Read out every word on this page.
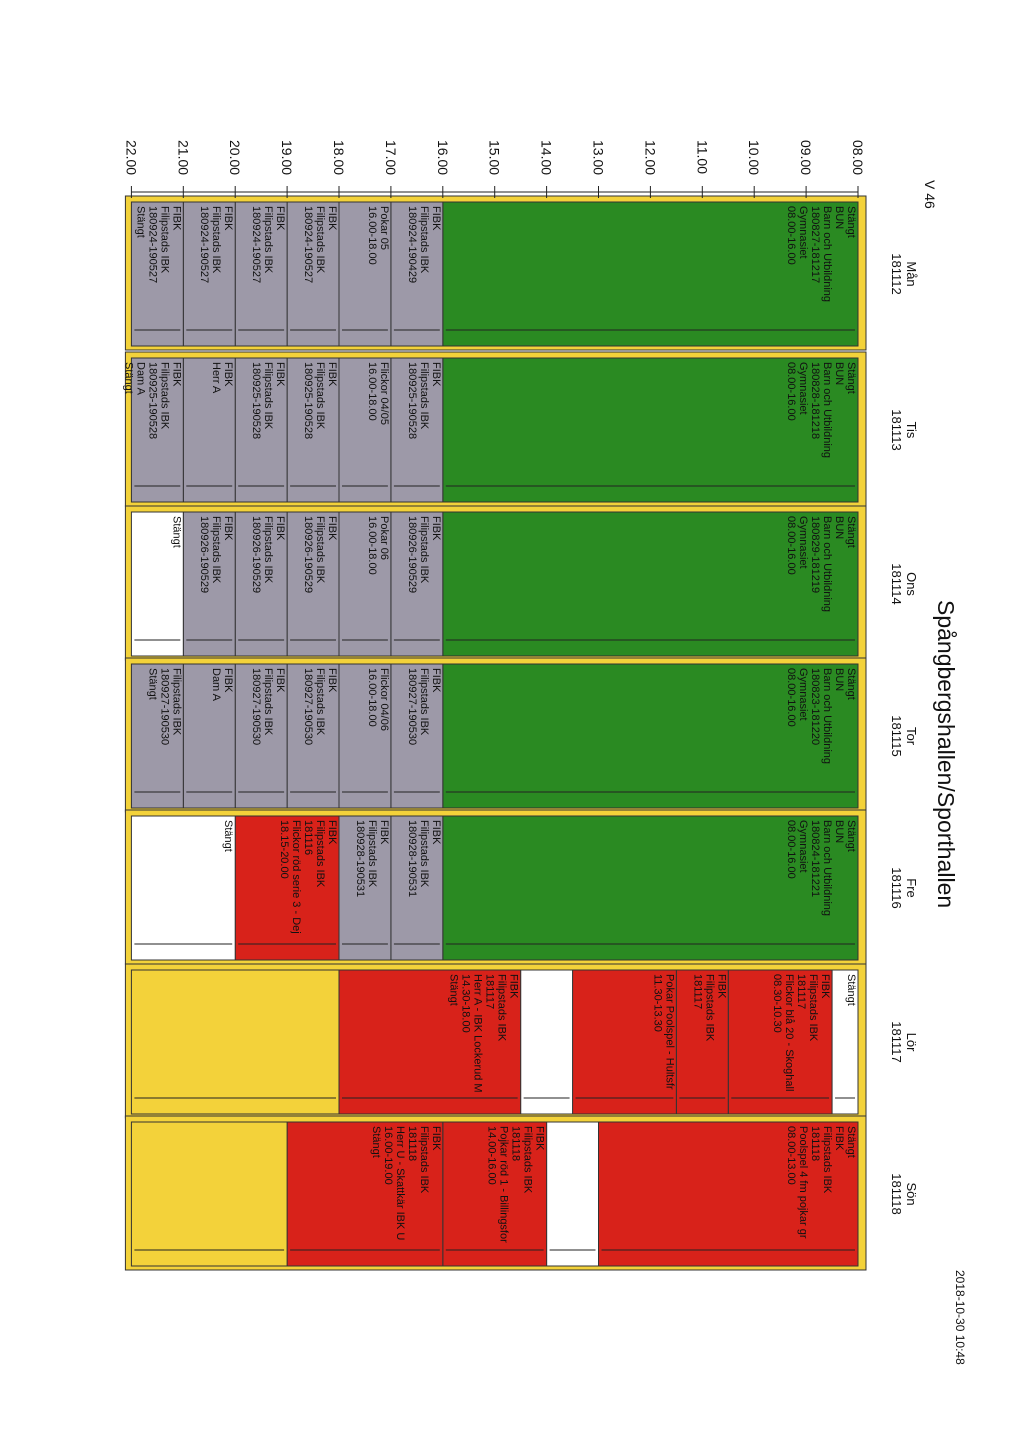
V 46
Spångbergshallen/Sporthallen
2018-10-30 10:48
Stängt
BUN
Barn och Utbildning
180827-181217
Gymnasiet
08.00-16.00
FIBK
Filipstads IBK
180924-190429
Pokar 05
16.00-18.00
FIBK
Filipstads IBK
180924-190527
FIBK
Filipstads IBK
180924-190527
FIBK
Filipstads IBK
180924-190527
FIBK
Filipstads IBK
180924-190527
Stängt
Stängt
BUN
Barn och Utbildning
180828-181218
Gymnasiet
08.00-16.00
FIBK
Filipstads IBK
180925-190528
Flickor 04/05
16.00-18.00
FIBK
Filipstads IBK
180925-190528
FIBK
Filipstads IBK
180925-190528
FIBK
Herr A
FIBK
Filipstads IBK
180925-190528
Dam A
Stängt
Stängt
BUN
Barn och Utbildning
180829-181219
Gymnasiet
08.00-16.00
FIBK
Filipstads IBK
180926-190529
Pokar 06
16.00-18.00
FIBK
Filipstads IBK
180926-190529
FIBK
Filipstads IBK
180926-190529
FIBK
Filipstads IBK
180926-190529
Stängt
Stängt
BUN
Barn och Utbildning
180823-181220
Gymnasiet
08.00-16.00
FIBK
Filipstads IBK
180927-190530
Flickor 04/06
16.00-18.00
FIBK
Filipstads IBK
180927-190530
FIBK
Filipstads IBK
180927-190530
FIBK
Dam A
Filipstads IBK
180927-190530
Stängt
Stängt
BUN
Barn och Utbildning
180824-181221
Gymnasiet
08.00-16.00
FIBK
Filipstads IBK
180928-190531
FIBK
Filipstads IBK
180928-190531
FIBK
Filipstads IBK
181116
Flickor röd serie 3 - Dej
18.15-20.00
Stängt
Stängt
FIBK
Filipstads IBK
181117
Flickor blå 20 - Skoghall
08.30-10.30
FIBK
Filipstads IBK
181117
Pokar Poolspel - Hultsfr
11.30-13.30
FIBK
Filipstads IBK
181117
Herr A - IBK Lockerud M
14.30-18.00
Stängt
Stängt
FIBK
Filipstads IBK
181118
Poolspel 4 fm pojkar gr
08.00-13.00
FIBK
Filipstads IBK
181118
Pojkar röd 1 - Billingsfor
14.00-16.00
FIBK
Filipstads IBK
181118
Herr U - Skattkär IBK U
16.00-19.00
Stängt
08.00
09.00
10.00
11.00
12.00
13.00
14.00
15.00
16.00
17.00
18.00
19.00
20.00
21.00
22.00
Mån
181112
Tis
181113
Ons
181114
Tor
181115
Fre
181116
Lör
181117
Sön
181118
